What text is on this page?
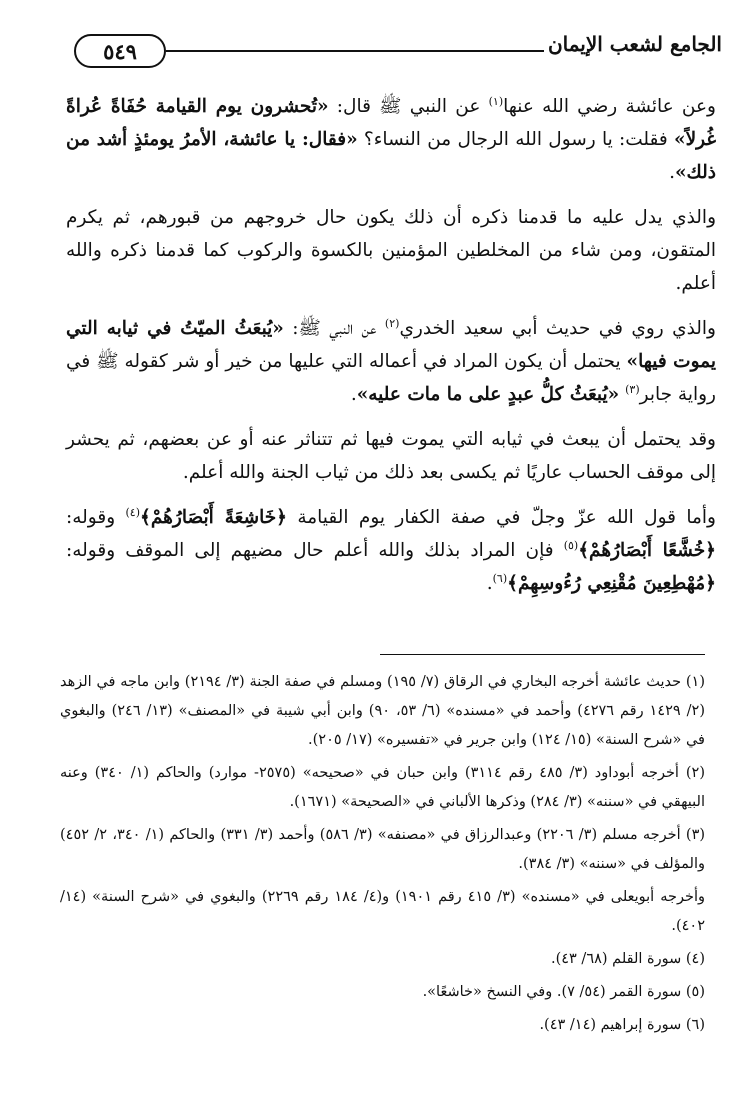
٥٤٩	الجامع لشعب الإيمان

وعن عائشة رضي الله عنها$^{(١)}$ عن النبي ﷺ قال: «تُحشرون يوم القيامة حُفَاةً عُراةً غُرلاً» فقلت: يا رسول الله الرجال من النساء؟ «فقال: يا عائشة، الأمرُ يومئذٍ أشد من ذلك».

والذي يدل عليه ما قدمنا ذكره أن ذلك يكون حال خروجهم من قبورهم، ثم يكرم المتقون، ومن شاء من المخلطين المؤمنين بالكسوة والركوب كما قدمنا ذكره والله أعلم.

والذي روي في حديث أبي سعيد الخدري$^{(٢)}$ عن النبي ﷺ: «يُبعَثُ الميّتُ في ثيابه التي يموت فيها» يحتمل أن يكون المراد في أعماله التي عليها من خير أو شر كقوله ﷺ في رواية جابر$^{(٣)}$ «يُبعَثُ كلُّ عبدٍ على ما مات عليه».

وقد يحتمل أن يبعث في ثيابه التي يموت فيها ثم تتناثر عنه أو عن بعضهم، ثم يحشر إلى موقف الحساب عاريًا ثم يكسى بعد ذلك من ثياب الجنة والله أعلم.

وأما قول الله عزّ وجلّ في صفة الكفار يوم القيامة ﴿خَاشِعَةً أَبْصَارُهُمْ﴾$^{(٤)}$ وقوله: ﴿خُشَّعًا أَبْصَارُهُمْ﴾$^{(٥)}$ فإن المراد بذلك والله أعلم حال مضيهم إلى الموقف وقوله: ﴿مُهْطِعِينَ مُقْنِعِي رُءُوسِهِمْ﴾$^{(٦)}$.

(١) حديث عائشة أخرجه البخاري في الرقاق (٧/ ١٩٥) ومسلم في صفة الجنة (٣/ ٢١٩٤) وابن ماجه في الزهد (٢/ ١٤٢٩ رقم ٤٢٧٦) وأحمد في «مسنده» (٦/ ٥٣، ٩٠) وابن أبي شيبة في «المصنف» (١٣/ ٢٤٦) والبغوي في «شرح السنة» (١٥/ ١٢٤) وابن جرير في «تفسيره» (١٧/ ٢٠٥).

(٢) أخرجه أبوداود (٣/ ٤٨٥ رقم ٣١١٤) وابن حبان في «صحيحه» (٢٥٧٥- موارد) والحاكم (١/ ٣٤٠) وعنه البيهقي في «سننه» (٣/ ٢٨٤) وذكرها الألباني في «الصحيحة» (١٦٧١).

(٣) أخرجه مسلم (٣/ ٢٢٠٦) وعبدالرزاق في «مصنفه» (٣/ ٥٨٦) وأحمد (٣/ ٣٣١) والحاكم (١/ ٣٤٠، ٢/ ٤٥٢) والمؤلف في «سننه» (٣/ ٣٨٤).

وأخرجه أبويعلى في «مسنده» (٣/ ٤١٥ رقم ١٩٠١) و(٤/ ١٨٤ رقم ٢٢٦٩) والبغوي في «شرح السنة» (١٤/ ٤٠٢).

(٤) سورة القلم (٦٨/ ٤٣).

(٥) سورة القمر (٥٤/ ٧). وفي النسخ «خاشعًا».

(٦) سورة إبراهيم (١٤/ ٤٣).
